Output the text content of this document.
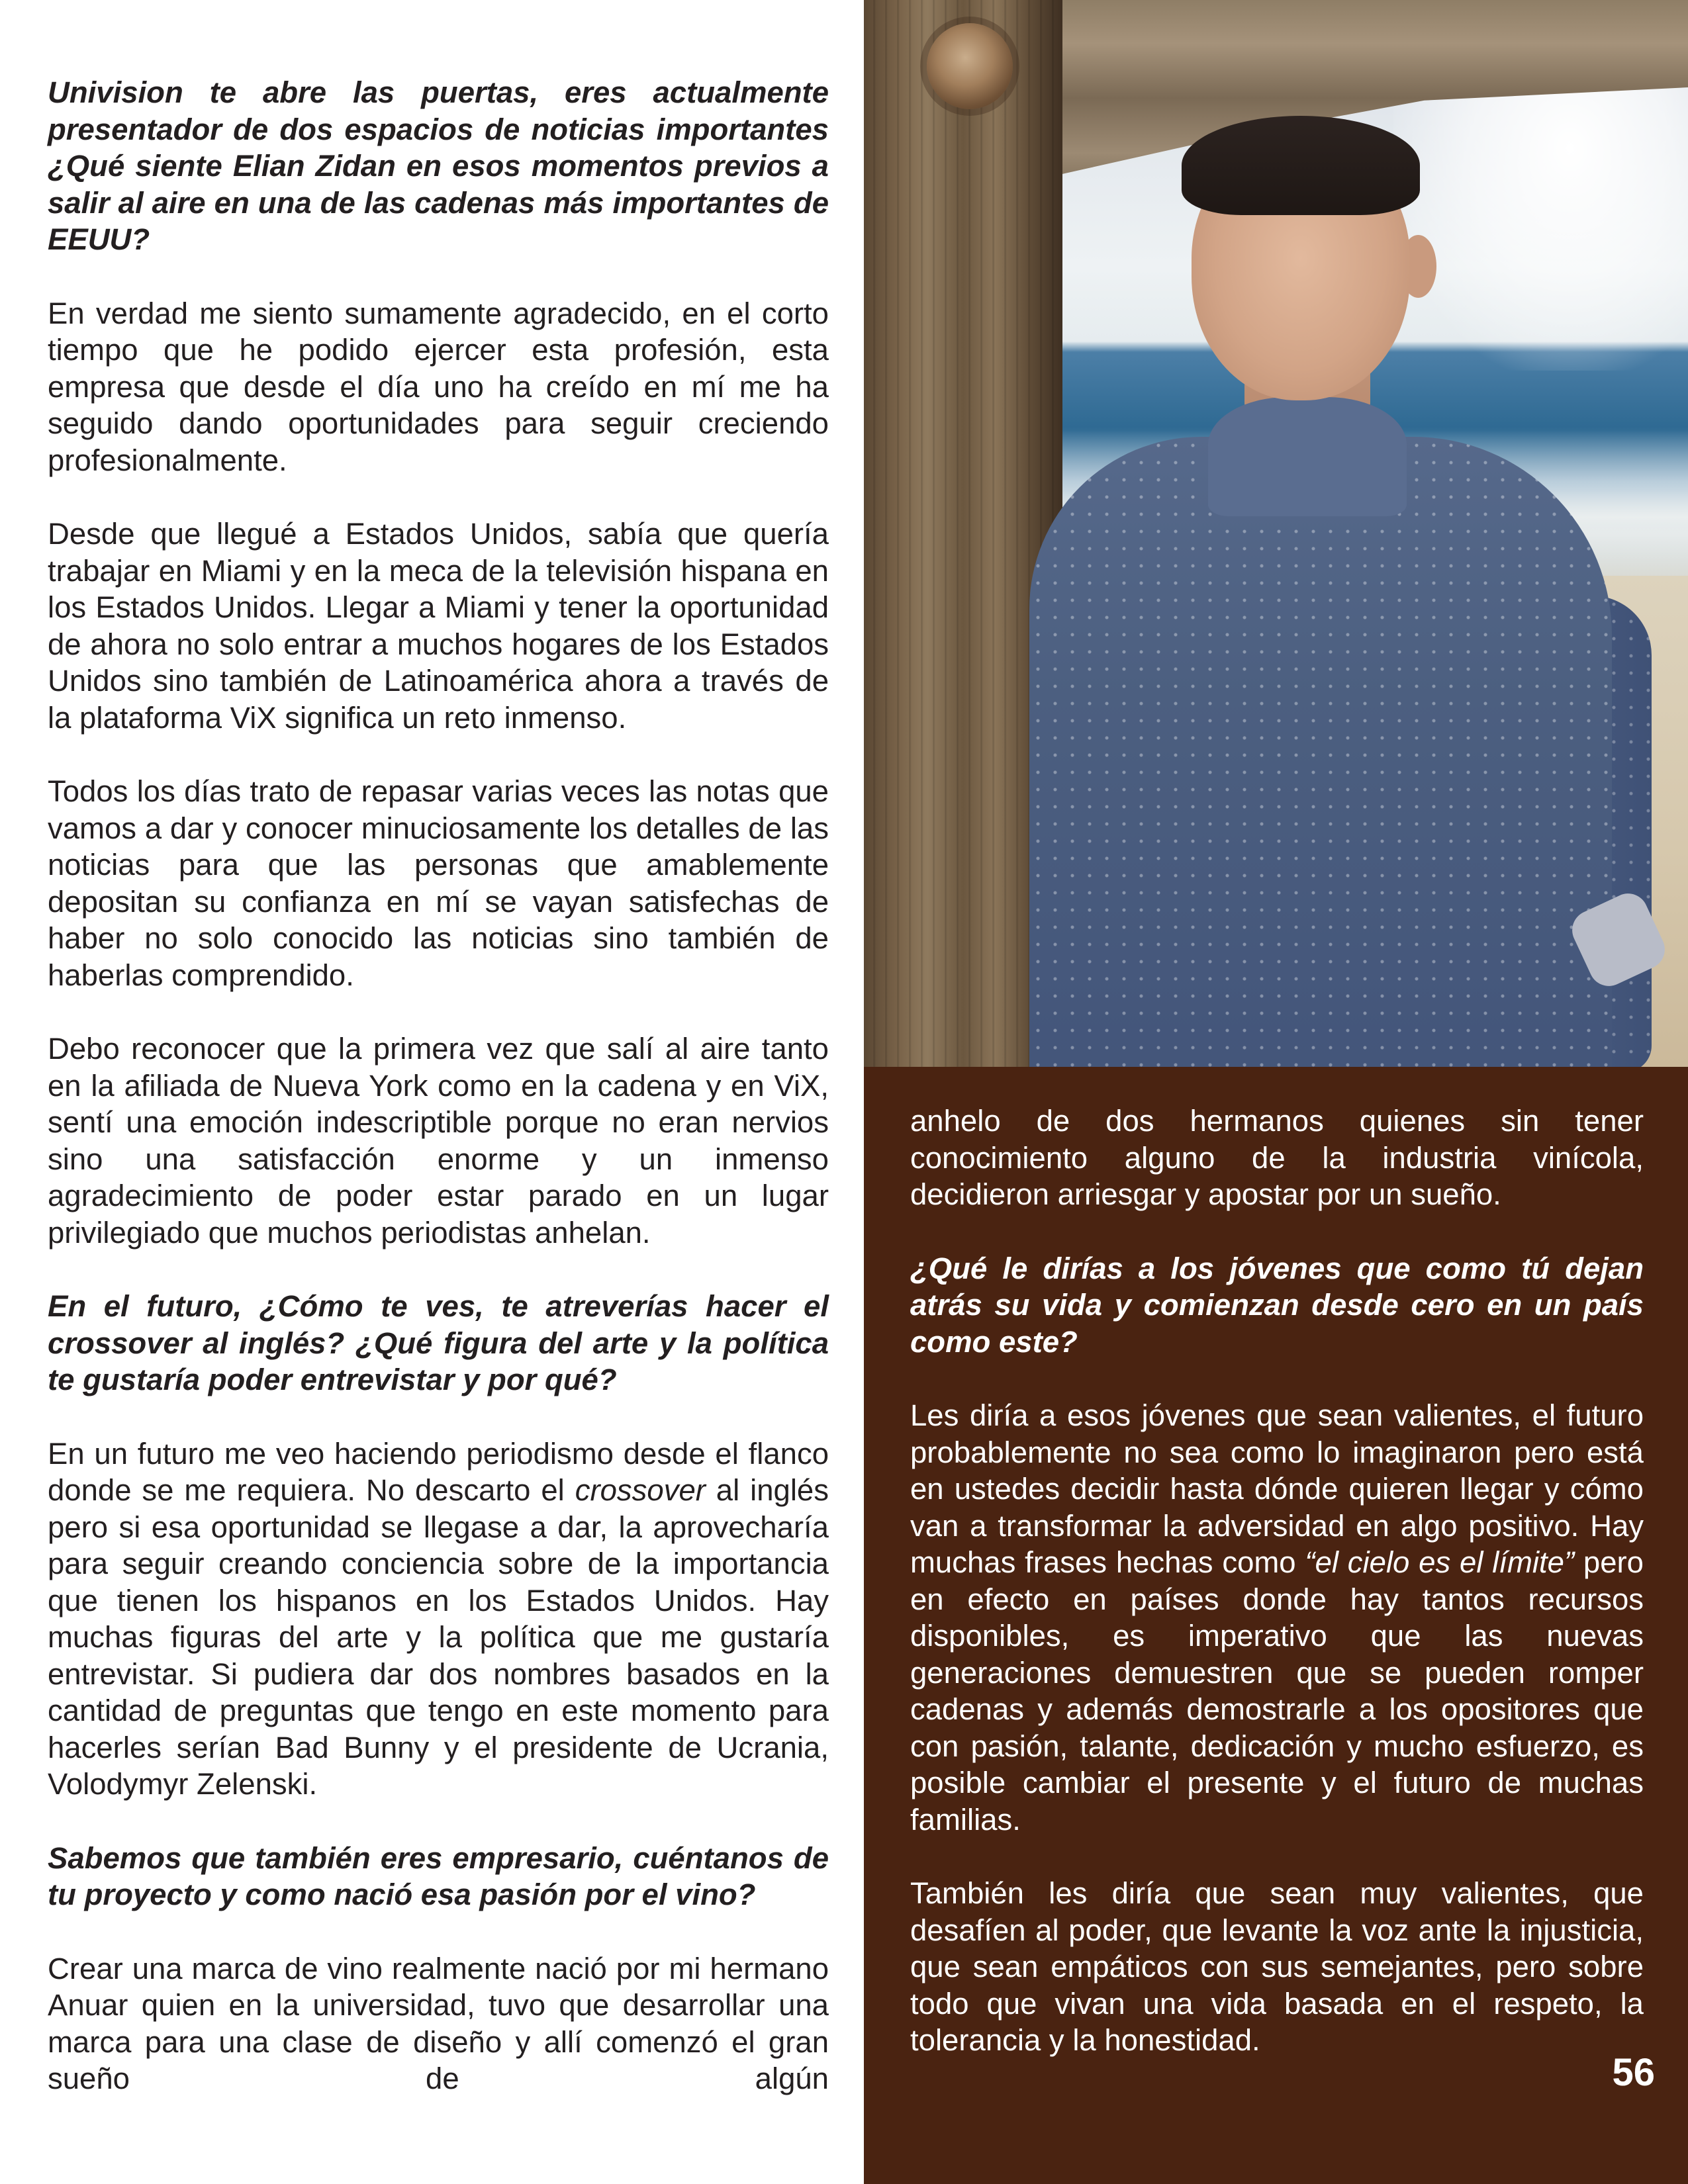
Univision te abre las puertas, eres actualmente presentador de dos espacios de noticias importantes ¿Qué siente Elian Zidan en esos momentos previos a salir al aire en una de las cadenas más importantes de EEUU?

En verdad me siento sumamente agradecido, en el corto tiempo que he podido ejercer esta profesión, esta empresa que desde el día uno ha creído en mí me ha seguido dando oportunidades para seguir creciendo profesionalmente.

Desde que llegué a Estados Unidos, sabía que quería trabajar en Miami y en la meca de la televisión hispana en los Estados Unidos. Llegar a Miami y tener la oportunidad de ahora no solo entrar a muchos hogares de los Estados Unidos sino también de Latinoamérica ahora a través de la plataforma ViX significa un reto inmenso.

Todos los días trato de repasar varias veces las notas que vamos a dar y conocer minuciosamente los detalles de las noticias para que las personas que amablemente depositan su confianza en mí se vayan satisfechas de haber no solo conocido las noticias sino también de haberlas comprendido.

Debo reconocer que la primera vez que salí al aire tanto en la afiliada de Nueva York como en la cadena y en ViX, sentí una emoción indescriptible porque no eran nervios sino una satisfacción enorme y un inmenso agradecimiento de poder estar parado en un lugar privilegiado que muchos periodistas anhelan.

En el futuro, ¿Cómo te ves, te atreverías hacer el crossover al inglés? ¿Qué figura del arte y la política te gustaría poder entrevistar y por qué?

En un futuro me veo haciendo periodismo desde el flanco donde se me requiera. No descarto el crossover al inglés pero si esa oportunidad se llegase a dar, la aprovecharía para seguir creando conciencia sobre de la importancia que tienen los hispanos en los Estados Unidos. Hay muchas figuras del arte y la política que me gustaría entrevistar. Si pudiera dar dos nombres basados en la cantidad de preguntas que tengo en este momento para hacerles serían Bad Bunny y el presidente de Ucrania, Volodymyr Zelenski.

Sabemos que también eres empresario, cuéntanos de tu proyecto y como nació esa pasión por el vino?

Crear una marca de vino realmente nació por mi hermano Anuar quien en la universidad, tuvo que desarrollar una marca para una clase de diseño y allí comenzó el gran sueño de algún

anhelo de dos hermanos quienes sin tener conocimiento alguno de la industria vinícola, decidieron arriesgar y apostar por un sueño.

¿Qué le dirías a los jóvenes que como tú dejan atrás su vida y comienzan desde cero en un país como este?

Les diría a esos jóvenes que sean valientes, el futuro probablemente no sea como lo imaginaron pero está en ustedes decidir hasta dónde quieren llegar y cómo van a transformar la adversidad en algo positivo. Hay muchas frases hechas como “el cielo es el límite” pero en efecto en países donde hay tantos recursos disponibles, es imperativo que las nuevas generaciones demuestren que se pueden romper cadenas y además demostrarle a los opositores que con pasión, talante, dedicación y mucho esfuerzo, es posible cambiar el presente y el futuro de muchas familias.

También les diría que sean muy valientes, que desafíen al poder, que levante la voz ante la injusticia, que sean empáticos con sus semejantes, pero sobre todo que vivan una vida basada en el respeto, la tolerancia y la honestidad.

56
